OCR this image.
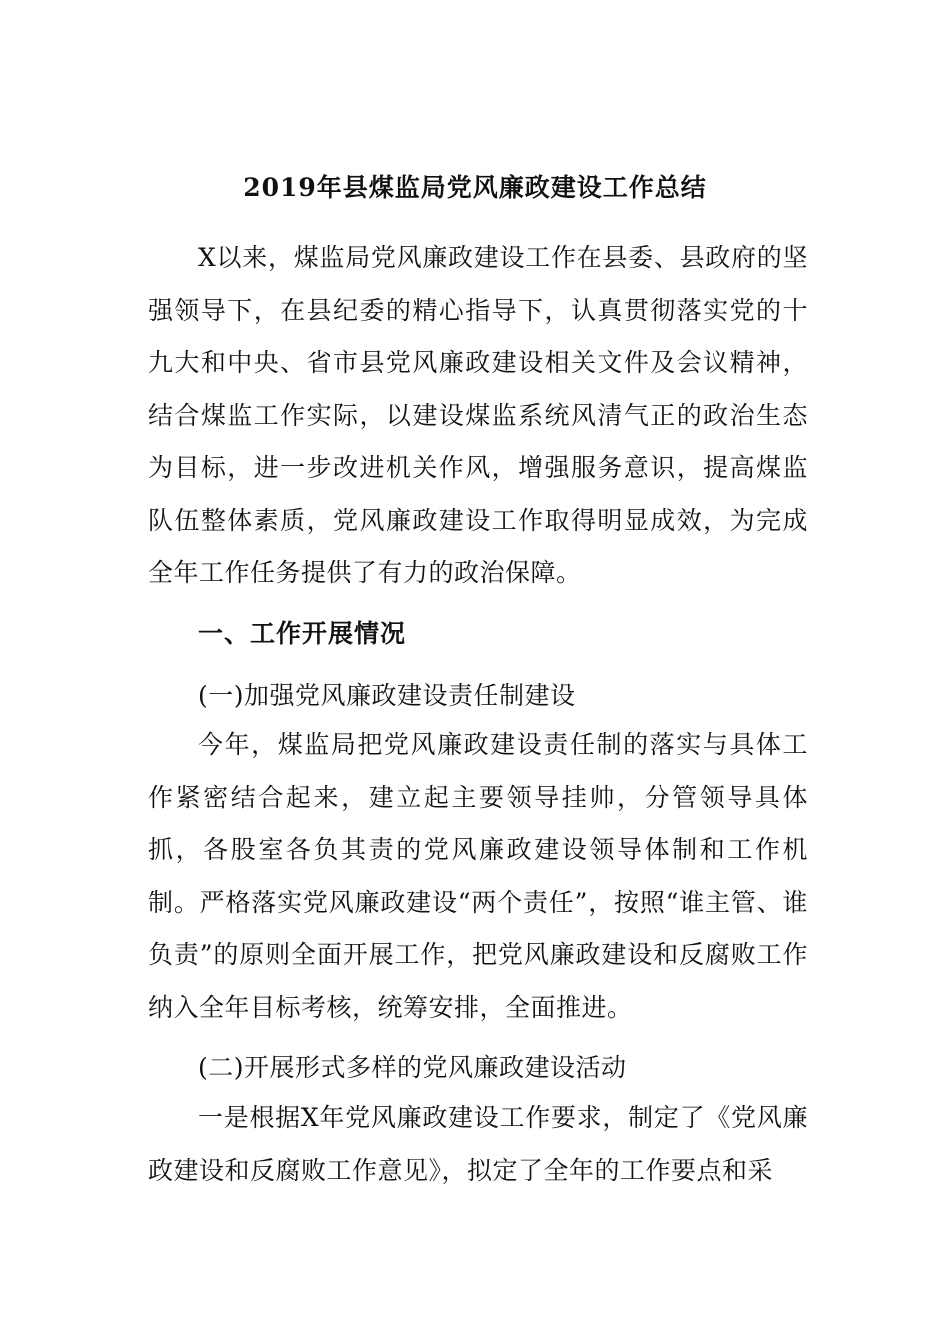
2019年县煤监局党风廉政建设工作总结

X以来，煤监局党风廉政建设工作在县委、县政府的坚强领导下，在县纪委的精心指导下，认真贯彻落实党的十九大和中央、省市县党风廉政建设相关文件及会议精神，结合煤监工作实际，以建设煤监系统风清气正的政治生态为目标，进一步改进机关作风，增强服务意识，提高煤监队伍整体素质，党风廉政建设工作取得明显成效，为完成全年工作任务提供了有力的政治保障。

一、工作开展情况
(一)加强党风廉政建设责任制建设

今年，煤监局把党风廉政建设责任制的落实与具体工作紧密结合起来，建立起主要领导挂帅，分管领导具体抓，各股室各负其责的党风廉政建设领导体制和工作机制。严格落实党风廉政建设“两个责任”，按照“谁主管、谁负责”的原则全面开展工作，把党风廉政建设和反腐败工作纳入全年目标考核，统筹安排，全面推进。

(二)开展形式多样的党风廉政建设活动

一是根据X年党风廉政建设工作要求，制定了《党风廉政建设和反腐败工作意见》，拟定了全年的工作要点和采
